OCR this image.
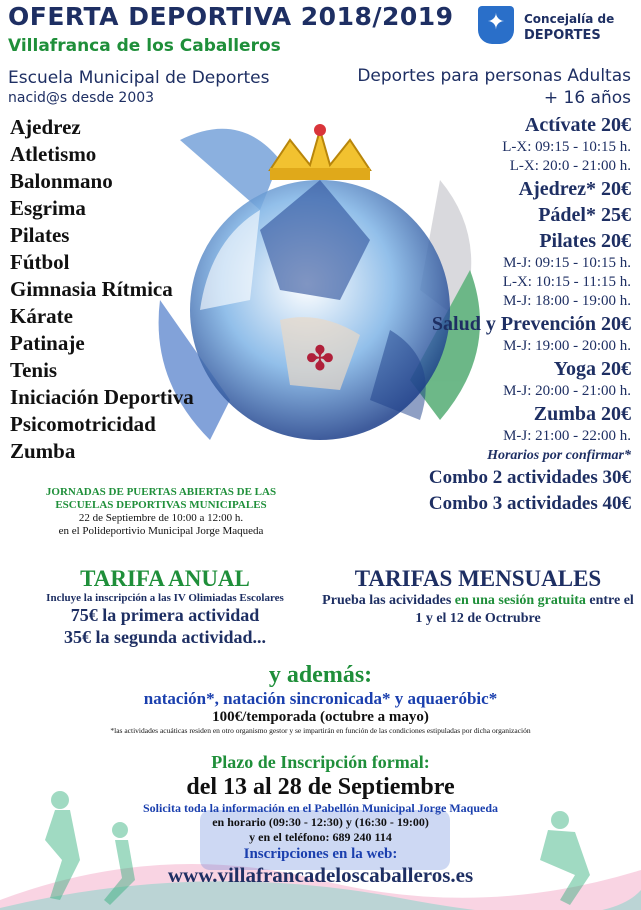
OFERTA DEPORTIVA 2018/2019
Villafranca de los Caballeros
✦ Concejalía de
DEPORTES
✤
Escuela Municipal de Deportes
nacid@s desde 2003
Ajedrez
Atletismo
Balonmano
Esgrima
Pilates
Fútbol
Gimnasia Rítmica
Kárate
Patinaje
Tenis
Iniciación Deportiva
Psicomotricidad
Zumba
JORNADAS DE PUERTAS ABIERTAS DE LAS
ESCUELAS DEPORTIVAS MUNICIPALES
22 de Septiembre de 10:00 a 12:00 h.
en el Polideportivio Municipal Jorge Maqueda
Deportes para personas Adultas
+ 16 años
Actívate 20€
L-X: 09:15 - 10:15 h.
L-X: 20:0 - 21:00 h.
Ajedrez* 20€
Pádel* 25€
Pilates 20€
M-J: 09:15 - 10:15 h.
L-X: 10:15 - 11:15 h.
M-J: 18:00 - 19:00 h.
Salud y Prevención 20€
M-J: 19:00 - 20:00 h.
Yoga 20€
M-J: 20:00 - 21:00 h.
Zumba 20€
M-J: 21:00 - 22:00 h.
Horarios por confirmar*
Combo 2 actividades 30€
Combo 3 actividades 40€
TARIFA ANUAL
Incluye la inscripción a las IV Olimiadas Escolares
75€ la primera actividad
35€ la segunda actividad...
TARIFAS MENSUALES
Prueba las acividades en una sesión gratuita entre el 1 y el 12 de Octrubre
y además:
natación*, natación sincronicada* y aquaeróbic*
100€/temporada (octubre a mayo)
*las actividades acuáticas residen en otro organismo gestor y se impartirán en función de las condiciones estipuladas por dicha organización
Plazo de Inscripción formal:
del 13 al 28 de Septiembre
Solicita toda la información en el Pabellón Municipal Jorge Maqueda
en horario (09:30 - 12:30) y (16:30 - 19:00)
y en el teléfono: 689 240 114
Inscripciones en la web:
www.villafrancadeloscaballeros.es
